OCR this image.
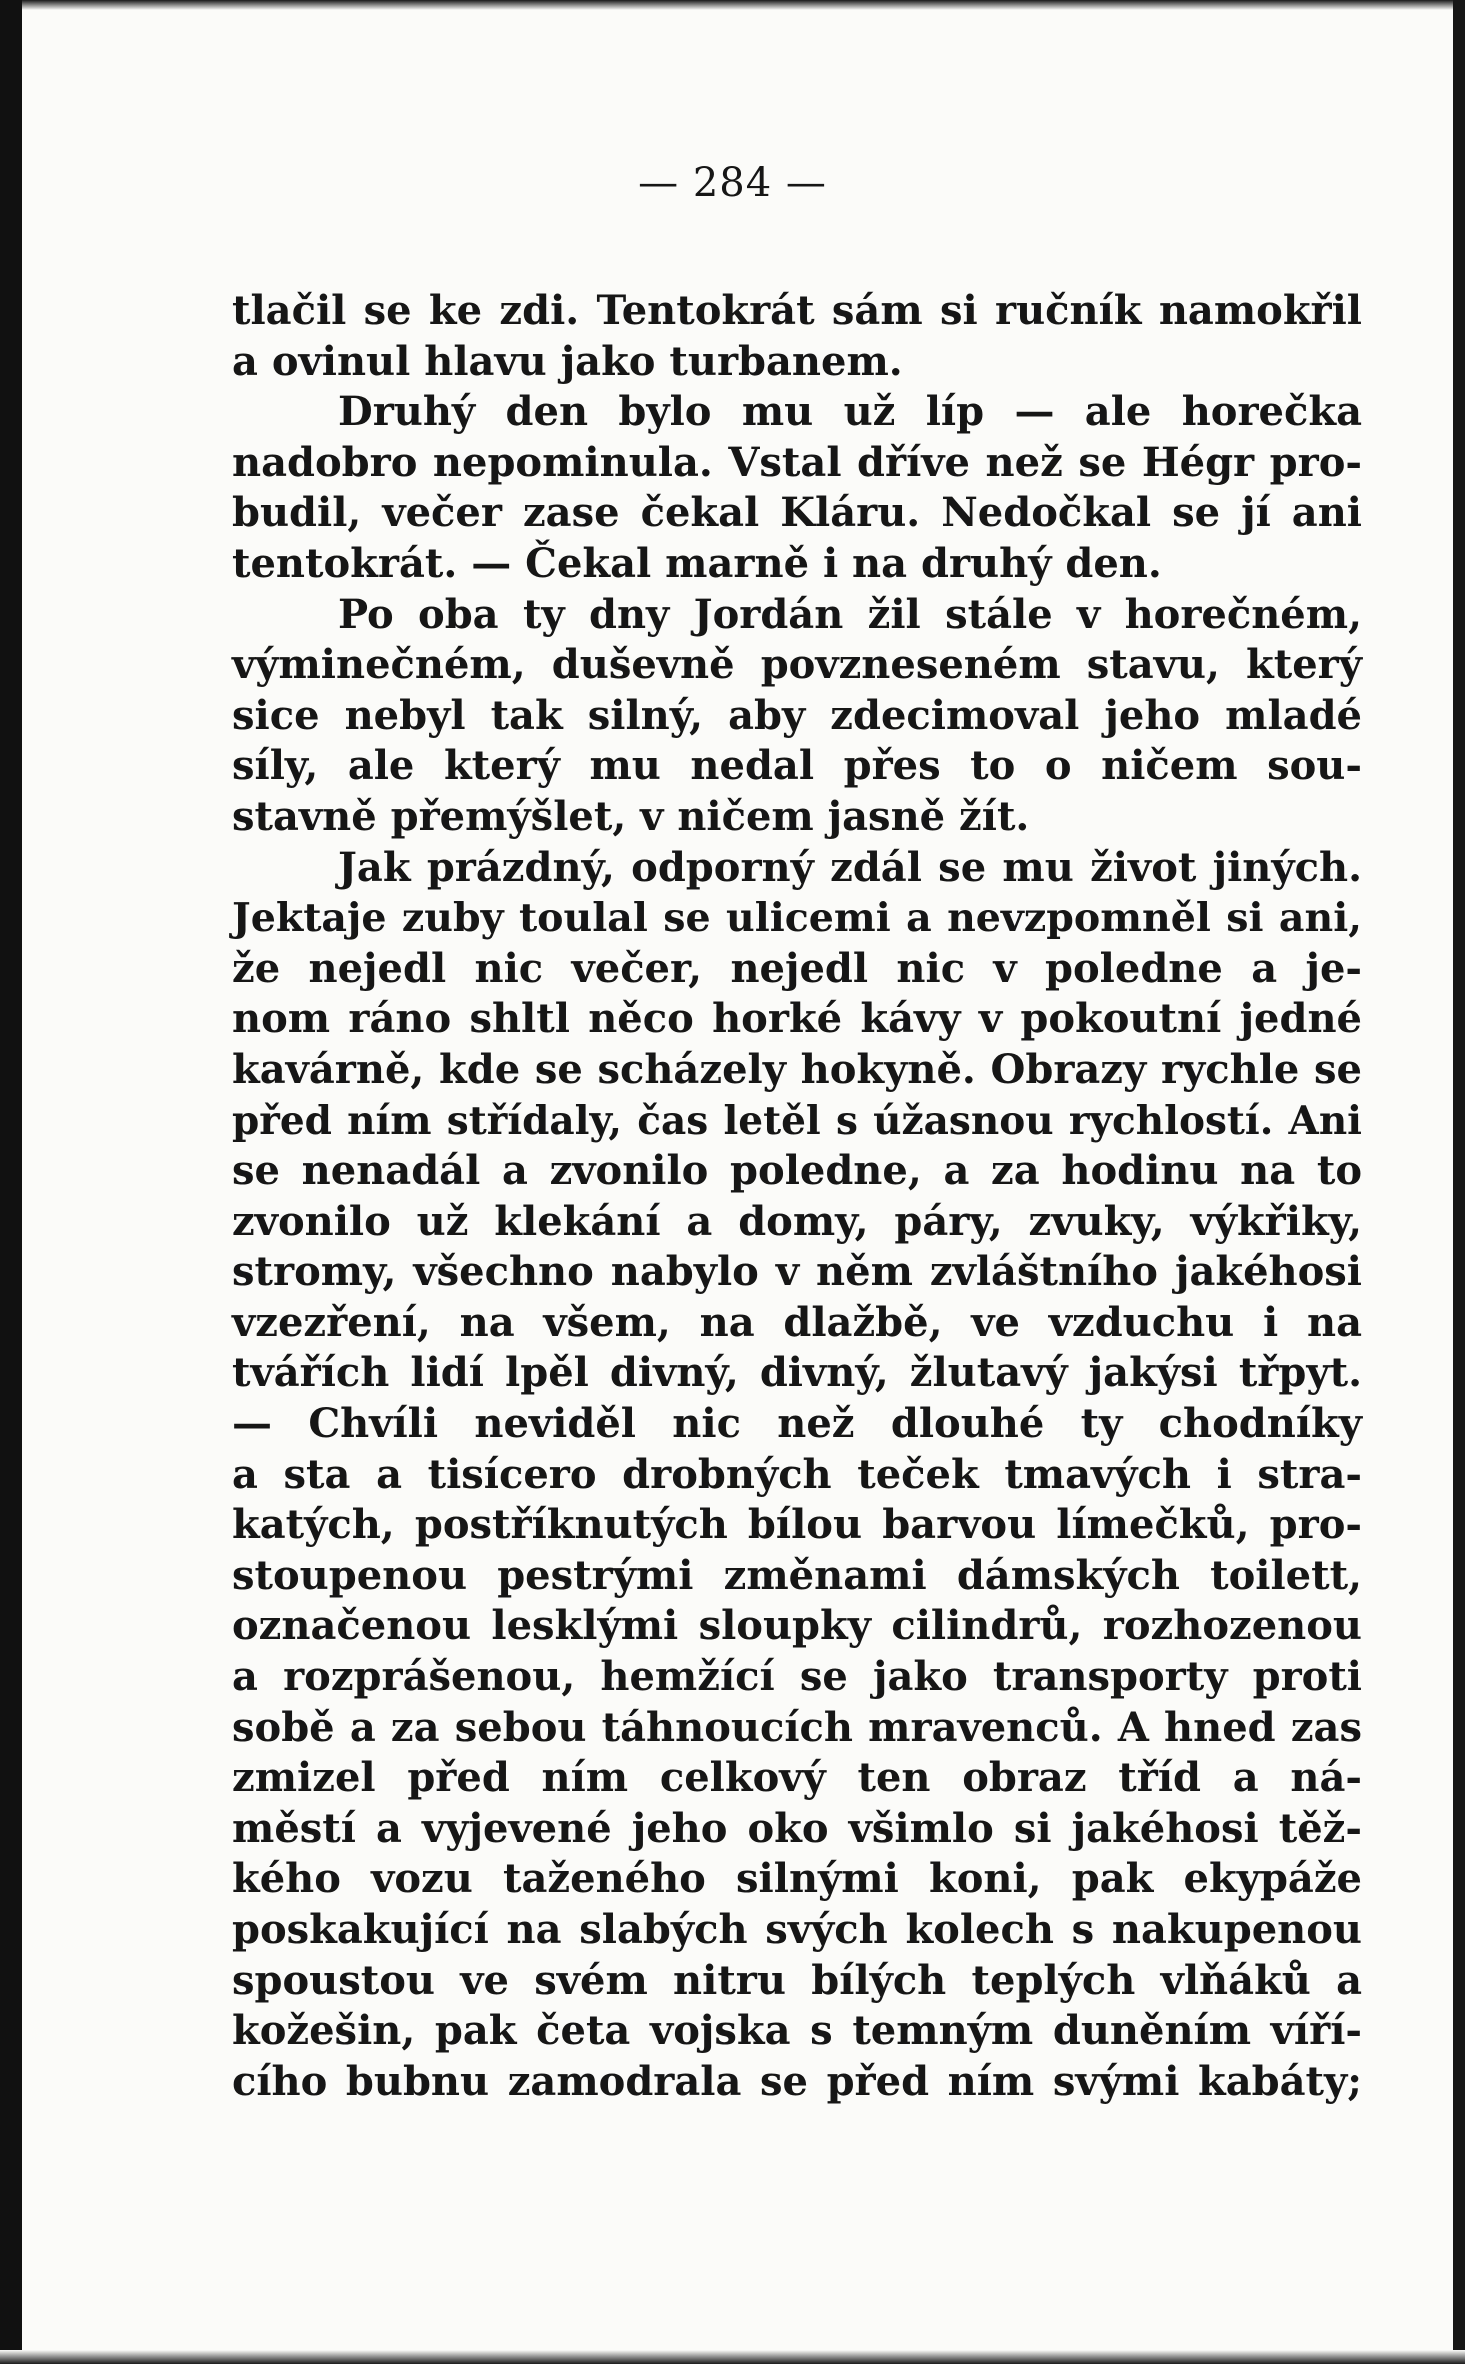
— 284 —
tlačil se ke zdi. Tentokrát sám si ručník namokřil
a ovinul hlavu jako turbanem.
Druhý den bylo mu už líp — ale horečka
nadobro nepominula. Vstal dříve než se Hégr pro-
budil, večer zase čekal Kláru. Nedočkal se jí ani
tentokrát. — Čekal marně i na druhý den.
Po oba ty dny Jordán žil stále v horečném,
výminečném, duševně povzneseném stavu, který
sice nebyl tak silný, aby zdecimoval jeho mladé
síly, ale který mu nedal přes to o ničem sou-
stavně přemýšlet, v ničem jasně žít.
Jak prázdný, odporný zdál se mu život jiných.
Jektaje zuby toulal se ulicemi a nevzpomněl si ani,
že nejedl nic večer, nejedl nic v poledne a je-
nom ráno shltl něco horké kávy v pokoutní jedné
kavárně, kde se scházely hokyně. Obrazy rychle se
před ním střídaly, čas letěl s úžasnou rychlostí. Ani
se nenadál a zvonilo poledne, a za hodinu na to
zvonilo už klekání a domy, páry, zvuky, výkřiky,
stromy, všechno nabylo v něm zvláštního jakéhosi
vzezření, na všem, na dlažbě, ve vzduchu i na
tvářích lidí lpěl divný, divný, žlutavý jakýsi třpyt.
— Chvíli neviděl nic než dlouhé ty chodníky
a sta a tisícero drobných teček tmavých i stra-
katých, postříknutých bílou barvou límečků, pro-
stoupenou pestrými změnami dámských toilett,
označenou lesklými sloupky cilindrů, rozhozenou
a rozprášenou, hemžící se jako transporty proti
sobě a za sebou táhnoucích mravenců. A hned zas
zmizel před ním celkový ten obraz tříd a ná-
městí a vyjevené jeho oko všimlo si jakéhosi těž-
kého vozu taženého silnými koni, pak ekypáže
poskakující na slabých svých kolech s nakupenou
spoustou ve svém nitru bílých teplých vlňáků a
kožešin, pak četa vojska s temným duněním víří-
cího bubnu zamodrala se před ním svými kabáty;
